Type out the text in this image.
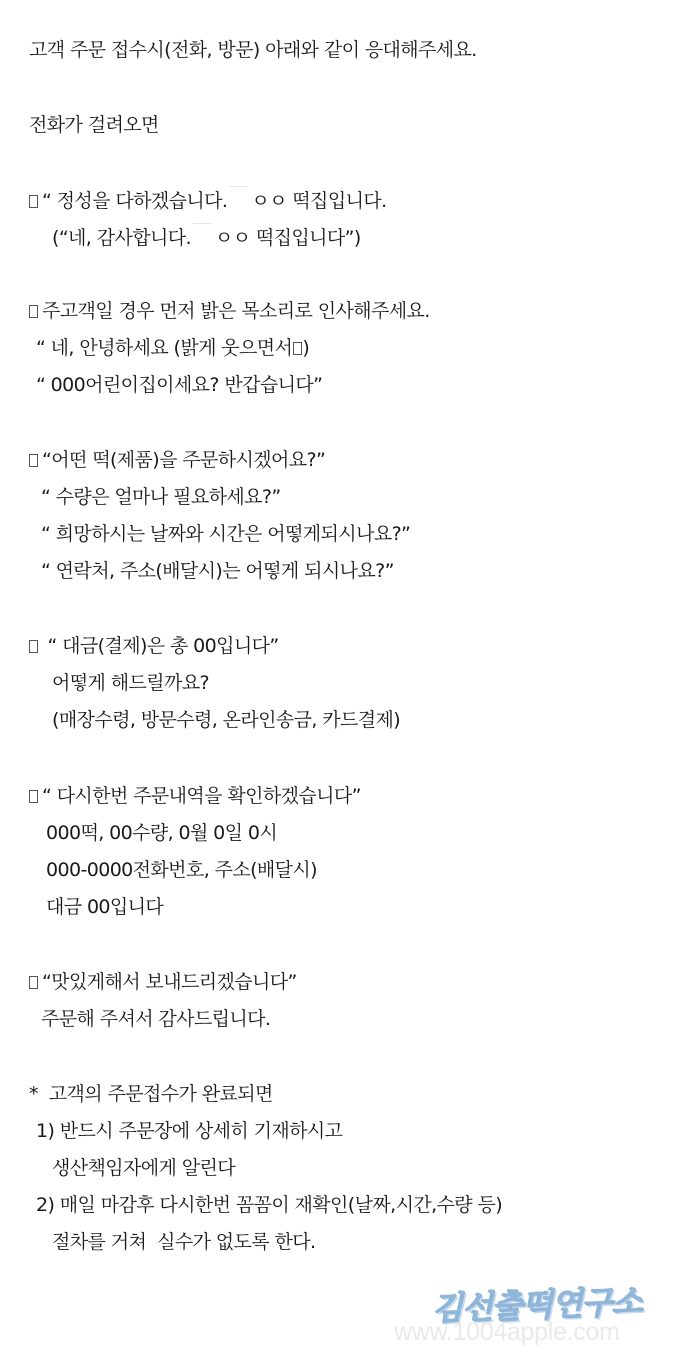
고객 주문 접수시(전화, 방문) 아래와 같이 응대해주세요.
전화가 걸려오면
“ 정성을 다하겠습니다. ㅇㅇ 떡집입니다.
(“네, 감사합니다. ㅇㅇ 떡집입니다”)
주고객일 경우 먼저 밝은 목소리로 인사해주세요.
“ 네, 안녕하세요 (밝게 웃으면서 )
“ 000어린이집이세요? 반갑습니다”
“어떤 떡(제품)을 주문하시겠어요?”
“ 수량은 얼마나 필요하세요?”
“ 희망하시는 날짜와 시간은 어떻게되시나요?”
“ 연락처, 주소(배달시)는 어떻게 되시나요?”
“ 대금(결제)은 총 00입니다”
어떻게 해드릴까요?
(매장수령, 방문수령, 온라인송금, 카드결제)
“ 다시한번 주문내역을 확인하겠습니다”
000떡, 00수량, 0월 0일 0시
000-0000전화번호, 주소(배달시)
대금 00입니다
“맛있게해서 보내드리겠습니다”
주문해 주셔서 감사드립니다.
*  고객의 주문접수가 완료되면
1) 반드시 주문장에 상세히 기재하시고
생산책임자에게 알린다
2) 매일 마감후 다시한번 꼼꼼이 재확인(날짜,시간,수량 등)
절차를 거쳐  실수가 없도록 한다.
김선출떡연구소
www.1004apple.com
